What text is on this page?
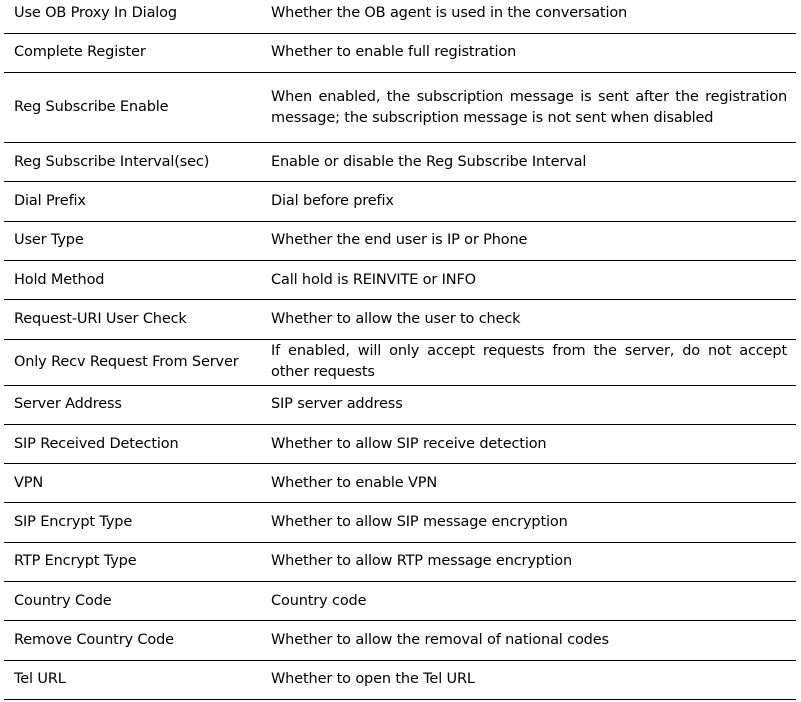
Use OB Proxy In Dialog	Whether the OB agent is used in the conversation
Complete Register	Whether to enable full registration
Reg Subscribe Enable	When enabled, the subscription message is sent after the registration message; the subscription message is not sent when disabled
Reg Subscribe Interval(sec)	Enable or disable the Reg Subscribe Interval
Dial Prefix	Dial before prefix
User Type	Whether the end user is IP or Phone
Hold Method	Call hold is REINVITE or INFO
Request-URI User Check	Whether to allow the user to check
Only Recv Request From Server	If enabled, will only accept requests from the server, do not accept other requests
Server Address	SIP server address
SIP Received Detection	Whether to allow SIP receive detection
VPN	Whether to enable VPN
SIP Encrypt Type	Whether to allow SIP message encryption
RTP Encrypt Type	Whether to allow RTP message encryption
Country Code	Country code
Remove Country Code	Whether to allow the removal of national codes
Tel URL	Whether to open the Tel URL
